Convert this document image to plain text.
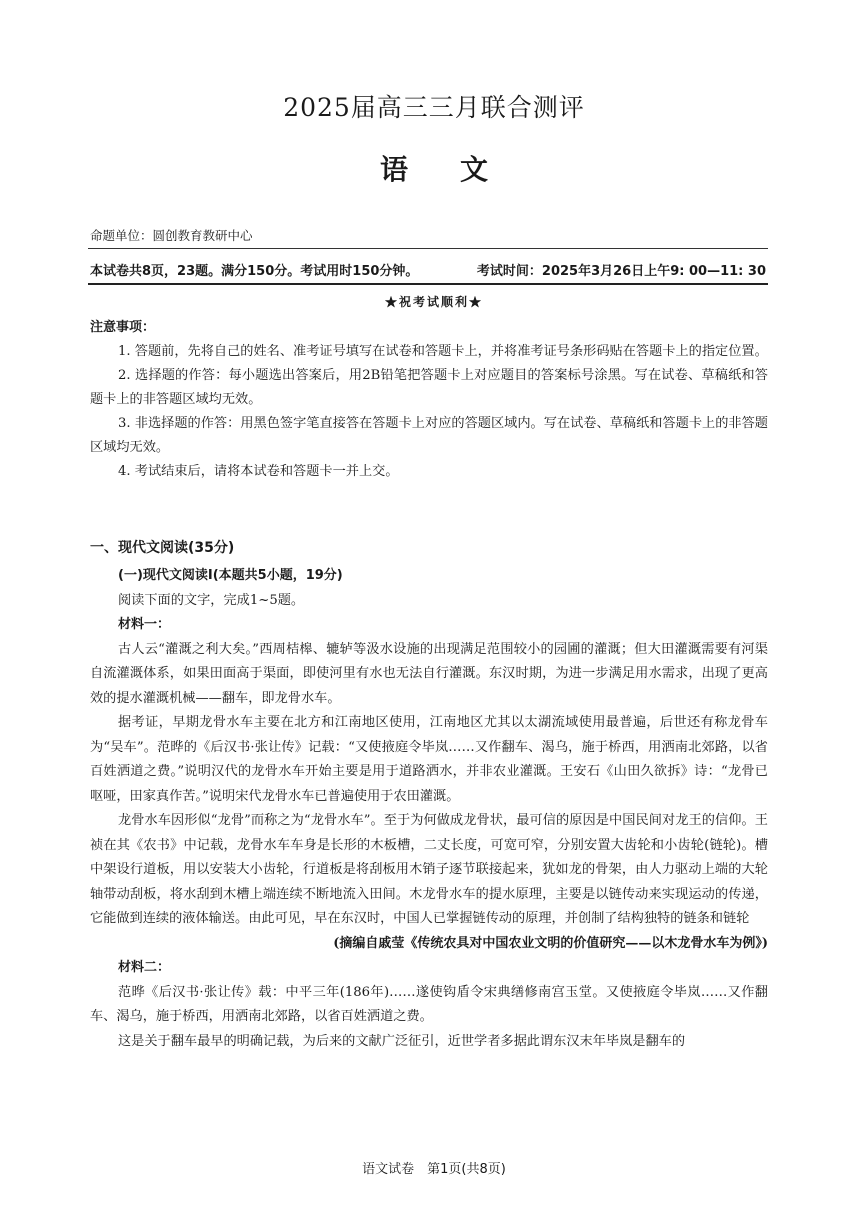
2025届高三三月联合测评
语文
命题单位：圆创教育教研中心
本试卷共8页，23题。满分150分。考试用时150分钟。	考试时间：2025年3月26日上午9: 00—11: 30
★祝考试顺利★
注意事项：

1. 答题前，先将自己的姓名、准考证号填写在试卷和答题卡上，并将准考证号条形码贴在答题卡上的指定位置。

2. 选择题的作答：每小题选出答案后，用2B铅笔把答题卡上对应题目的答案标号涂黑。写在试卷、草稿纸和答题卡上的非答题区域均无效。

3. 非选择题的作答：用黑色签字笔直接答在答题卡上对应的答题区域内。写在试卷、草稿纸和答题卡上的非答题区域均无效。

4. 考试结束后，请将本试卷和答题卡一并上交。

一、现代文阅读(35分)

(一)现代文阅读Ⅰ(本题共5小题，19分)

阅读下面的文字，完成1~5题。

材料一：

古人云“灌溉之利大矣。”西周桔槔、辘轳等汲水设施的出现满足范围较小的园圃的灌溉；但大田灌溉需要有河渠自流灌溉体系，如果田面高于渠面，即使河里有水也无法自行灌溉。东汉时期，为进一步满足用水需求，出现了更高效的提水灌溉机械——翻车，即龙骨水车。

据考证，早期龙骨水车主要在北方和江南地区使用，江南地区尤其以太湖流域使用最普遍，后世还有称龙骨车为“吴车”。范晔的《后汉书·张让传》记载：“又使掖庭令毕岚……又作翻车、渴乌，施于桥西，用洒南北郊路，以省百姓洒道之费。”说明汉代的龙骨水车开始主要是用于道路洒水，并非农业灌溉。王安石《山田久欲拆》诗：“龙骨已呕哑，田家真作苦。”说明宋代龙骨水车已普遍使用于农田灌溉。

龙骨水车因形似“龙骨”而称之为“龙骨水车”。至于为何做成龙骨状，最可信的原因是中国民间对龙王的信仰。王祯在其《农书》中记载，龙骨水车车身是长形的木板槽，二丈长度，可宽可窄，分别安置大齿轮和小齿轮(链轮)。槽中架设行道板，用以安装大小齿轮，行道板是将刮板用木销子逐节联接起来，犹如龙的骨架，由人力驱动上端的大轮轴带动刮板，将水刮到木槽上端连续不断地流入田间。木龙骨水车的提水原理，主要是以链传动来实现运动的传递，它能做到连续的液体输送。由此可见，早在东汉时，中国人已掌握链传动的原理，并创制了结构独特的链条和链轮

(摘编自戚莹《传统农具对中国农业文明的价值研究——以木龙骨水车为例》)

材料二：

范晔《后汉书·张让传》载：中平三年(186年)……遂使钩盾令宋典缮修南宫玉堂。又使掖庭令毕岚……又作翻车、渴乌，施于桥西，用洒南北郊路，以省百姓洒道之费。

这是关于翻车最早的明确记载，为后来的文献广泛征引，近世学者多据此谓东汉末年毕岚是翻车的

语文试卷　第1页(共8页)
